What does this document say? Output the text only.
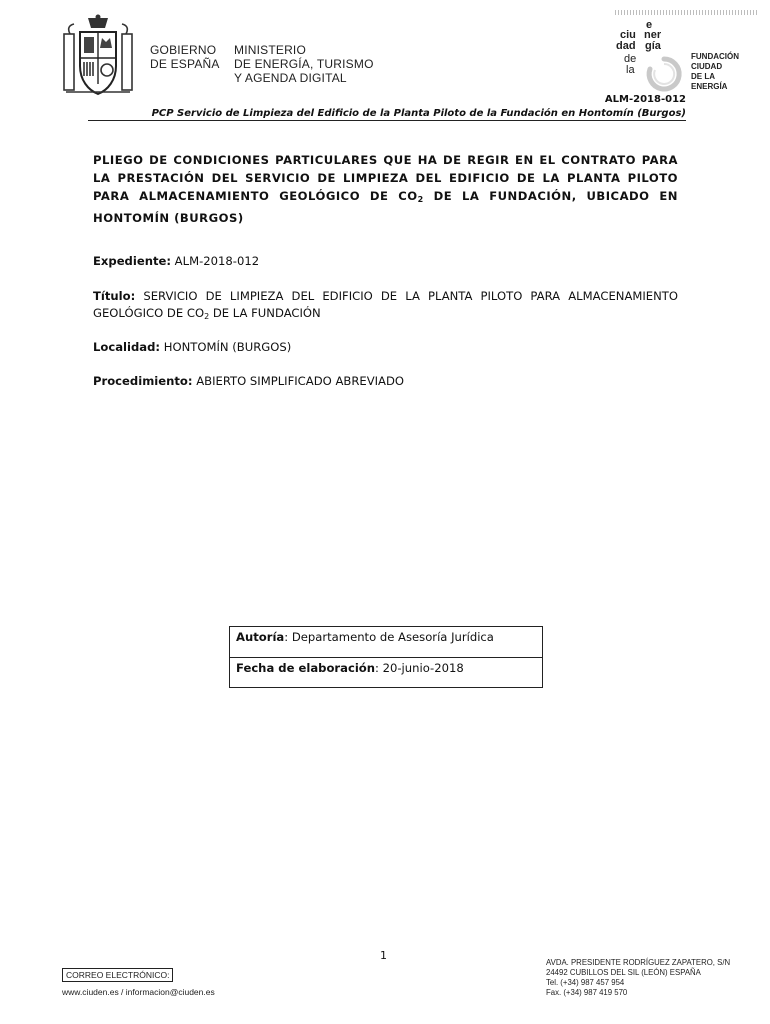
GOBIERNO
DE ESPAÑA
MINISTERIO
DE ENERGÍA, TURISMO
Y AGENDA DIGITAL
ciu
dad
de
la
e
ner
gía
FUNDACIÓN
CIUDAD
DE LA
ENERGÍA
ALM-2018-012
PCP Servicio de Limpieza del Edificio de la Planta Piloto de la Fundación en Hontomín (Burgos)
PLIEGO DE CONDICIONES PARTICULARES QUE HA DE REGIR EN EL CONTRATO PARA LA PRESTACIÓN DEL SERVICIO DE LIMPIEZA DEL EDIFICIO DE LA PLANTA PILOTO PARA ALMACENAMIENTO GEOLÓGICO DE $CO_2$ DE LA FUNDACIÓN, UBICADO EN HONTOMÍN (BURGOS)
Expediente: ALM-2018-012
Título: SERVICIO DE LIMPIEZA DEL EDIFICIO DE LA PLANTA PILOTO PARA ALMACENAMIENTO GEOLÓGICO DE $CO_2$ DE LA FUNDACIÓN
Localidad: HONTOMÍN (BURGOS)
Procedimiento: ABIERTO SIMPLIFICADO ABREVIADO
Autoría: Departamento de Asesoría Jurídica
Fecha de elaboración: 20-junio-2018
1
CORREO ELECTRÓNICO:
www.ciuden.es / informacion@ciuden.es
AVDA. PRESIDENTE RODRÍGUEZ ZAPATERO, S/N
24492 CUBILLOS DEL SIL (LEÓN) ESPAÑA
Tel. (+34) 987 457 954
Fax. (+34) 987 419 570
